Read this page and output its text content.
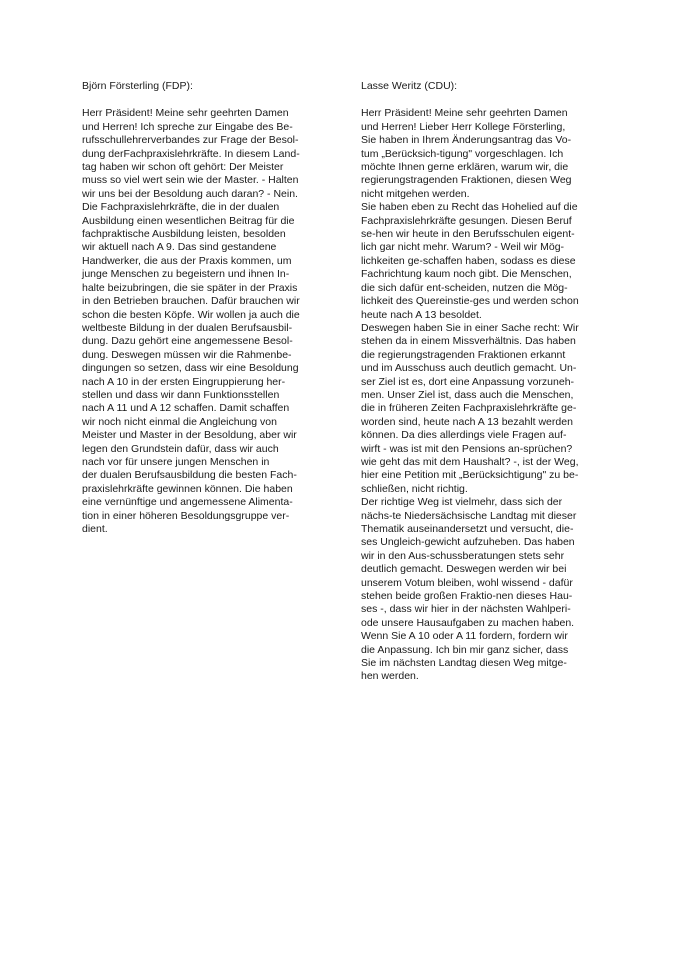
Björn Försterling (FDP):

Herr Präsident! Meine sehr geehrten Damen
und Herren! Ich spreche zur Eingabe des Be-
rufsschullehrerverbandes zur Frage der Besol-
dung derFachpraxislehrkräfte. In diesem Land-
tag haben wir schon oft gehört: Der Meister
muss so viel wert sein wie der Master. - Halten
wir uns bei der Besoldung auch daran? - Nein.
Die Fachpraxislehrkräfte, die in der dualen
Ausbildung einen wesentlichen Beitrag für die
fachpraktische Ausbildung leisten, besolden
wir aktuell nach A 9. Das sind gestandene
Handwerker, die aus der Praxis kommen, um
junge Menschen zu begeistern und ihnen In-
halte beizubringen, die sie später in der Praxis
in den Betrieben brauchen. Dafür brauchen wir
schon die besten Köpfe. Wir wollen ja auch die
weltbeste Bildung in der dualen Berufsausbil-
dung. Dazu gehört eine angemessene Besol-
dung. Deswegen müssen wir die Rahmenbe-
dingungen so setzen, dass wir eine Besoldung
nach A 10 in der ersten Eingruppierung her-
stellen und dass wir dann Funktionsstellen
nach A 11 und A 12 schaffen. Damit schaffen
wir noch nicht einmal die Angleichung von
Meister und Master in der Besoldung, aber wir
legen den Grundstein dafür, dass wir auch
nach vor für unsere jungen Menschen in
der dualen Berufsausbildung die besten Fach-
praxislehrkräfte gewinnen können. Die haben
eine vernünftige und angemessene Alimenta-
tion in einer höheren Besoldungsgruppe ver-
dient.

Lasse Weritz (CDU):

Herr Präsident! Meine sehr geehrten Damen
und Herren! Lieber Herr Kollege Försterling,
Sie haben in Ihrem Änderungsantrag das Vo-
tum „Berücksich-tigung" vorgeschlagen. Ich
möchte Ihnen gerne erklären, warum wir, die
regierungstragenden Fraktionen, diesen Weg
nicht mitgehen werden.
Sie haben eben zu Recht das Hohelied auf die
Fachpraxislehrkräfte gesungen. Diesen Beruf
se-hen wir heute in den Berufsschulen eigent-
lich gar nicht mehr. Warum? - Weil wir Mög-
lichkeiten ge-schaffen haben, sodass es diese
Fachrichtung kaum noch gibt. Die Menschen,
die sich dafür ent-scheiden, nutzen die Mög-
lichkeit des Quereinstie-ges und werden schon
heute nach A 13 besoldet.
Deswegen haben Sie in einer Sache recht: Wir
stehen da in einem Missverhältnis. Das haben
die regierungstragenden Fraktionen erkannt
und im Ausschuss auch deutlich gemacht. Un-
ser Ziel ist es, dort eine Anpassung vorzuneh-
men. Unser Ziel ist, dass auch die Menschen,
die in früheren Zeiten Fachpraxislehrkräfte ge-
worden sind, heute nach A 13 bezahlt werden
können. Da dies allerdings viele Fragen auf-
wirft - was ist mit den Pensions an-sprüchen?
wie geht das mit dem Haushalt? -, ist der Weg,
hier eine Petition mit „Berücksichtigung" zu be-
schließen, nicht richtig.
Der richtige Weg ist vielmehr, dass sich der
nächs-te Niedersächsische Landtag mit dieser
Thematik auseinandersetzt und versucht, die-
ses Ungleich-gewicht aufzuheben. Das haben
wir in den Aus-schussberatungen stets sehr
deutlich gemacht. Deswegen werden wir bei
unserem Votum bleiben, wohl wissend - dafür
stehen beide großen Fraktio-nen dieses Hau-
ses -, dass wir hier in der nächsten Wahlperi-
ode unsere Hausaufgaben zu machen haben.
Wenn Sie A 10 oder A 11 fordern, fordern wir
die Anpassung. Ich bin mir ganz sicher, dass
Sie im nächsten Landtag diesen Weg mitge-
hen werden.
